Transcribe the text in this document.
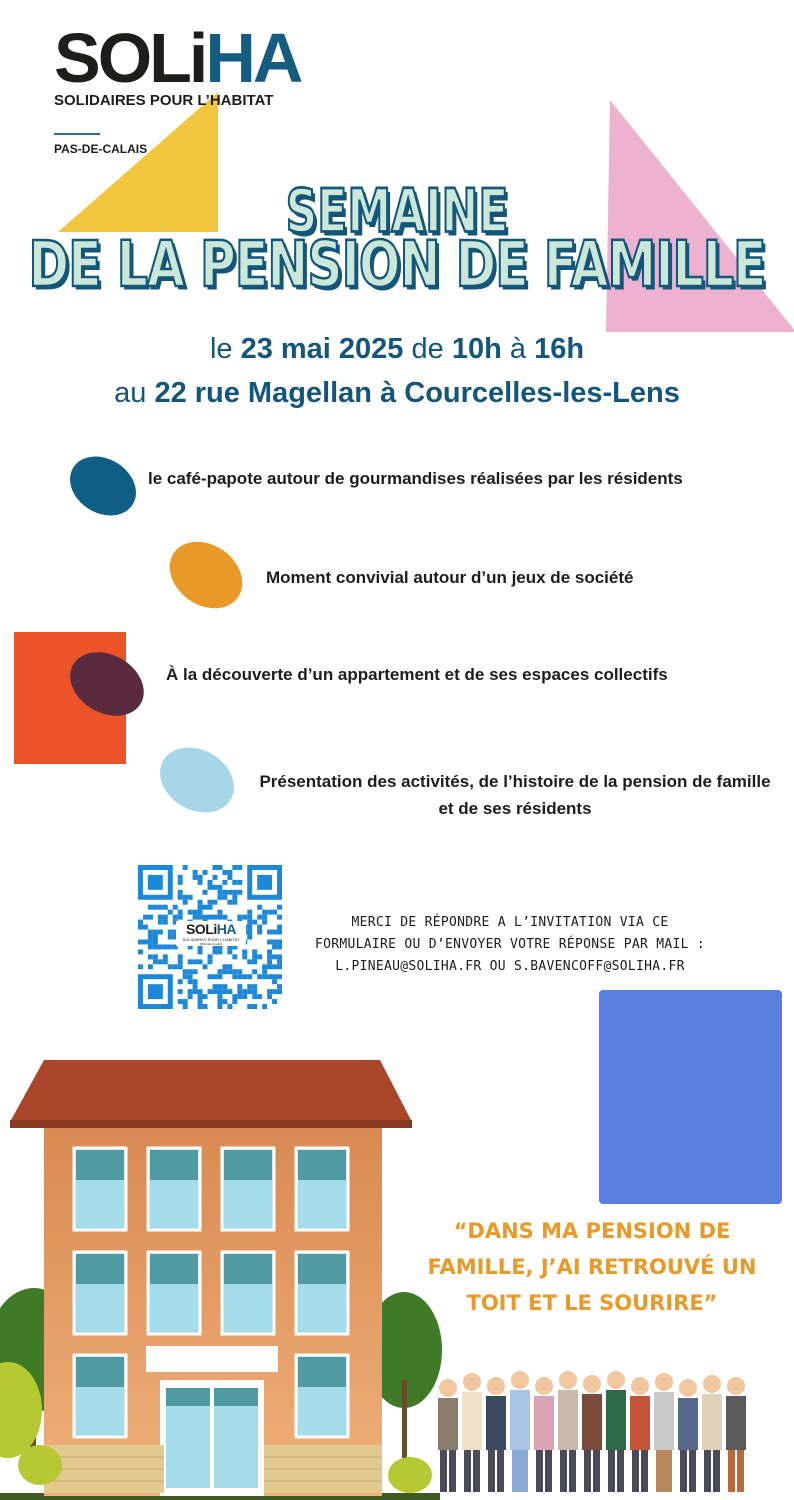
SOLiHA
SOLIDAIRES POUR L’HABITAT
PAS-DE-CALAIS
SEMAINE
DE LA PENSION DE FAMILLE
le 23 mai 2025 de 10h à 16h
au 22 rue Magellan à Courcelles-les-Lens
le café-papote autour de gourmandises réalisées par les résidents
Moment convivial autour d’un jeux de société
À la découverte d’un appartement et de ses espaces collectifs
Présentation des activités, de l’histoire de la pension de famille et de ses résidents
SOLiHA
SOLIDAIRES POUR L’HABITAT
PAS-DE-CALAIS
MERCI DE RÉPONDRE A L’INVITATION VIA CE
FORMULAIRE OU D’ENVOYER VOTRE RÉPONSE PAR MAIL :
L.PINEAU@SOLIHA.FR OU S.BAVENCOFF@SOLIHA.FR
“DANS MA PENSION DE FAMILLE, J’AI RETROUVÉ UN TOIT ET LE SOURIRE”
